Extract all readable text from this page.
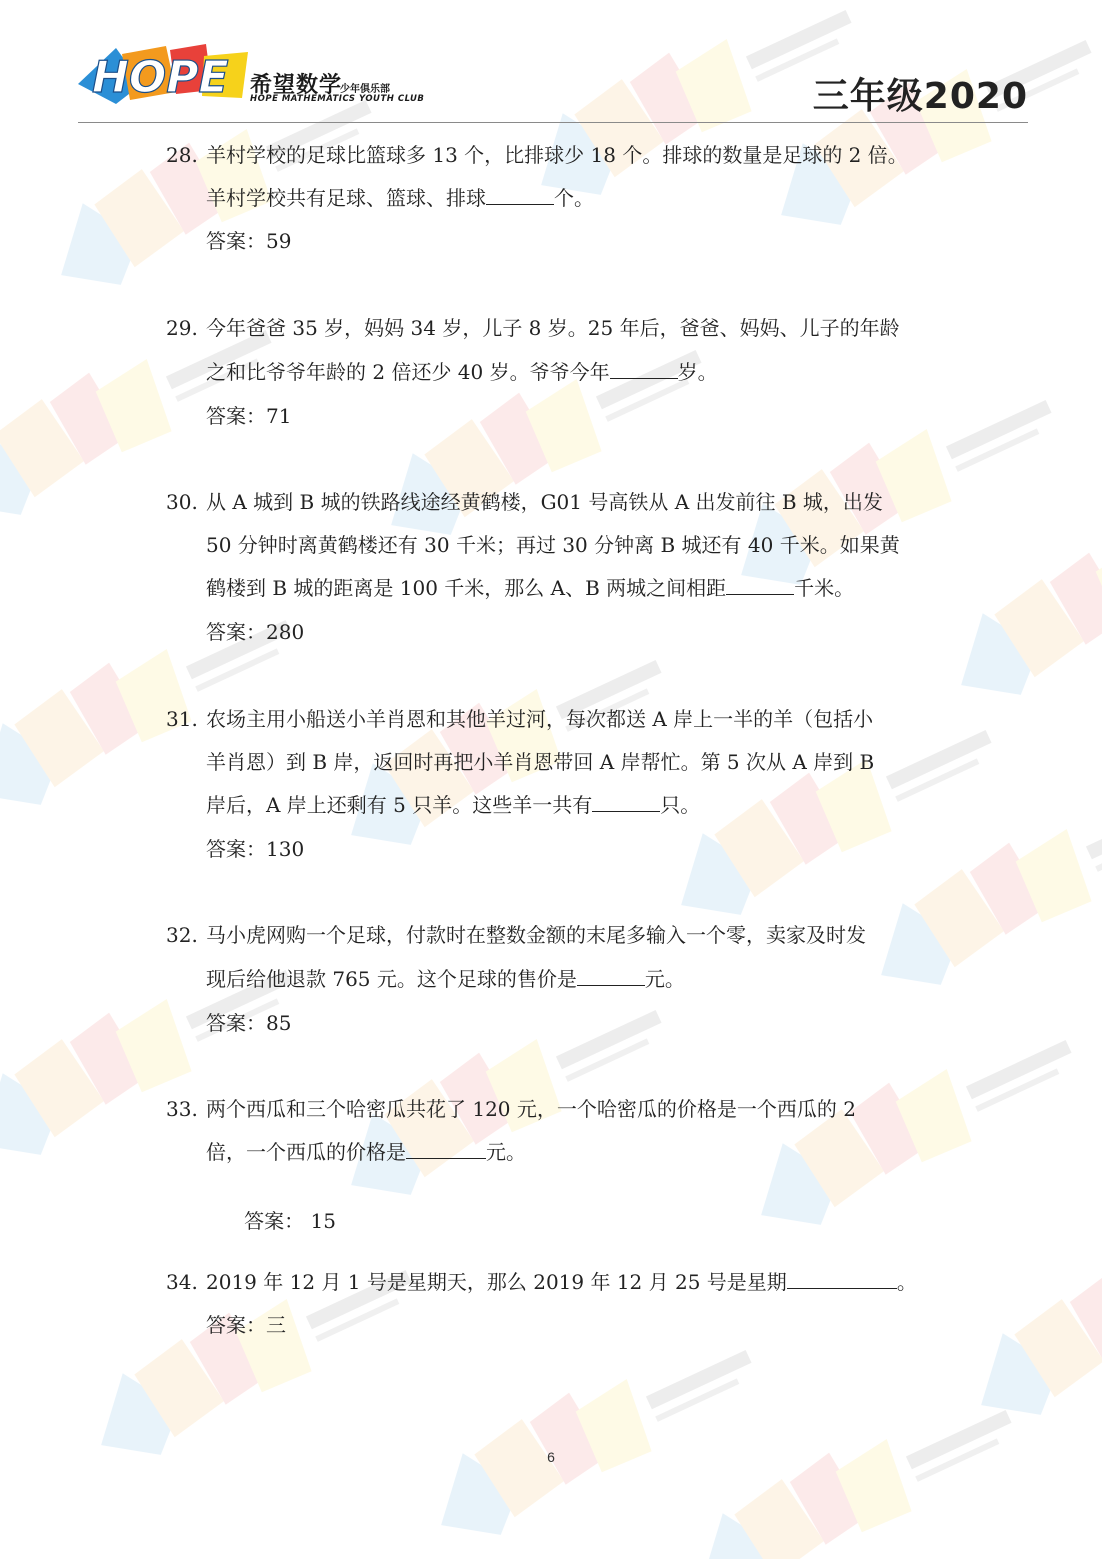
HOPE 希望数学
少年俱乐部
HOPE MATHEMATICS YOUTH CLUB	三年级2020
28. 羊村学校的足球比篮球多 13 个，比排球少 18 个。排球的数量是足球的 2 倍。
羊村学校共有足球、篮球、排球	个。
答案：59
29. 今年爸爸 35 岁，妈妈 34 岁，儿子 8 岁。25 年后，爸爸、妈妈、儿子的年龄
之和比爷爷年龄的 2 倍还少 40 岁。爷爷今年	岁。
答案：71
30. 从 A 城到 B 城的铁路线途经黄鹤楼，G01 号高铁从 A 出发前往 B 城，出发
50 分钟时离黄鹤楼还有 30 千米；再过 30 分钟离 B 城还有 40 千米。如果黄
鹤楼到 B 城的距离是 100 千米，那么 A、B 两城之间相距	千米。
答案：280
31. 农场主用小船送小羊肖恩和其他羊过河，每次都送 A 岸上一半的羊（包括小
羊肖恩）到 B 岸，返回时再把小羊肖恩带回 A 岸帮忙。第 5 次从 A 岸到 B
岸后，A 岸上还剩有 5 只羊。这些羊一共有	只。
答案：130
32. 马小虎网购一个足球，付款时在整数金额的末尾多输入一个零，卖家及时发
现后给他退款 765 元。这个足球的售价是	元。
答案：85
33. 两个西瓜和三个哈密瓜共花了 120 元，一个哈密瓜的价格是一个西瓜的 2
倍，一个西瓜的价格是	元。

答案： 15

34. 2019 年 12 月 1 号是星期天，那么 2019 年 12 月 25 号是星期	。
答案：三
6
